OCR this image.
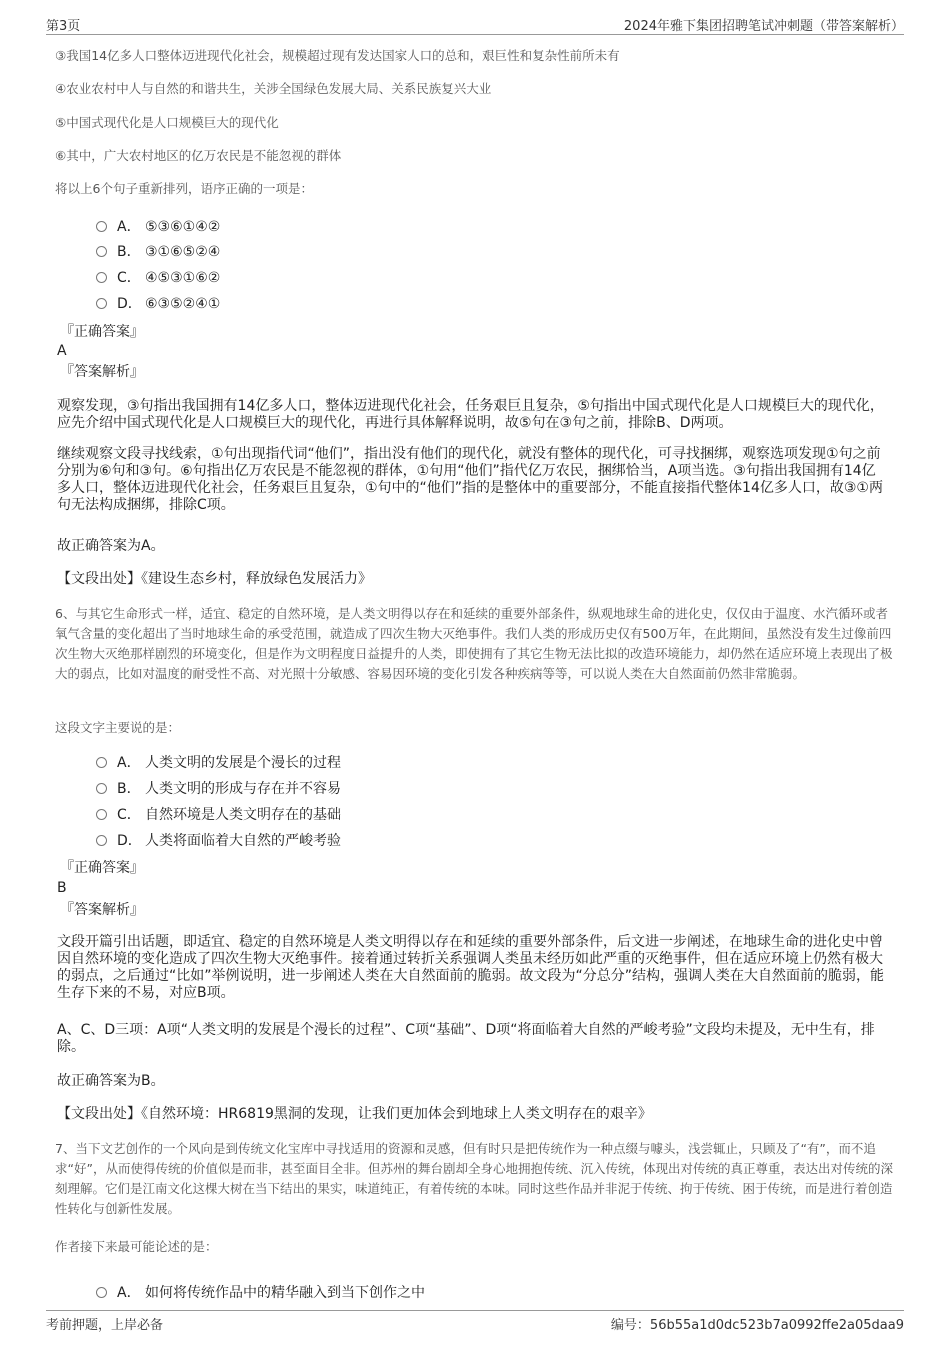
第3页	2024年雅下集团招聘笔试冲刺题（带答案解析）
③我国14亿多人口整体迈进现代化社会，规模超过现有发达国家人口的总和，艰巨性和复杂性前所未有
④农业农村中人与自然的和谐共生，关涉全国绿色发展大局、关系民族复兴大业
⑤中国式现代化是人口规模巨大的现代化
⑥其中，广大农村地区的亿万农民是不能忽视的群体
将以上6个句子重新排列，语序正确的一项是：
A． ⑤③⑥①④②
B． ③①⑥⑤②④
C． ④⑤③①⑥②
D． ⑥③⑤②④①
『正确答案』
A
『答案解析』
观察发现，③句指出我国拥有14亿多人口，整体迈进现代化社会，任务艰巨且复杂，⑤句指出中国式现代化是人口规模巨大的现代化，应先介绍中国式现代化是人口规模巨大的现代化，再进行具体解释说明，故⑤句在③句之前，排除B、D两项。
继续观察文段寻找线索，①句出现指代词“他们”，指出没有他们的现代化，就没有整体的现代化，可寻找捆绑，观察选项发现①句之前分别为⑥句和③句。⑥句指出亿万农民是不能忽视的群体，①句用“他们”指代亿万农民，捆绑恰当，A项当选。③句指出我国拥有14亿多人口，整体迈进现代化社会，任务艰巨且复杂，①句中的“他们”指的是整体中的重要部分，不能直接指代整体14亿多人口，故③①两句无法构成捆绑，排除C项。
故正确答案为A。
【文段出处】《建设生态乡村，释放绿色发展活力》
6、与其它生命形式一样，适宜、稳定的自然环境，是人类文明得以存在和延续的重要外部条件，纵观地球生命的进化史，仅仅由于温度、水汽循环或者氧气含量的变化超出了当时地球生命的承受范围，就造成了四次生物大灭绝事件。我们人类的形成历史仅有500万年，在此期间，虽然没有发生过像前四次生物大灭绝那样剧烈的环境变化，但是作为文明程度日益提升的人类，即使拥有了其它生物无法比拟的改造环境能力，却仍然在适应环境上表现出了极大的弱点，比如对温度的耐受性不高、对光照十分敏感、容易因环境的变化引发各种疾病等等，可以说人类在大自然面前仍然非常脆弱。
这段文字主要说的是：
A． 人类文明的发展是个漫长的过程
B． 人类文明的形成与存在并不容易
C． 自然环境是人类文明存在的基础
D． 人类将面临着大自然的严峻考验
『正确答案』
B
『答案解析』
文段开篇引出话题，即适宜、稳定的自然环境是人类文明得以存在和延续的重要外部条件，后文进一步阐述，在地球生命的进化史中曾因自然环境的变化造成了四次生物大灭绝事件。接着通过转折关系强调人类虽未经历如此严重的灭绝事件，但在适应环境上仍然有极大的弱点，之后通过“比如”举例说明，进一步阐述人类在大自然面前的脆弱。故文段为“分总分”结构，强调人类在大自然面前的脆弱，能生存下来的不易，对应B项。
A、C、D三项：A项“人类文明的发展是个漫长的过程”、C项“基础”、D项“将面临着大自然的严峻考验”文段均未提及，无中生有，排除。
故正确答案为B。
【文段出处】《自然环境：HR6819黑洞的发现，让我们更加体会到地球上人类文明存在的艰辛》
7、当下文艺创作的一个风向是到传统文化宝库中寻找适用的资源和灵感，但有时只是把传统作为一种点缀与噱头，浅尝辄止，只顾及了“有”，而不追求“好”，从而使得传统的价值似是而非，甚至面目全非。但苏州的舞台剧却全身心地拥抱传统、沉入传统，体现出对传统的真正尊重，表达出对传统的深刻理解。它们是江南文化这棵大树在当下结出的果实，味道纯正，有着传统的本味。同时这些作品并非泥于传统、拘于传统、困于传统，而是进行着创造性转化与创新性发展。
作者接下来最可能论述的是：
A． 如何将传统作品中的精华融入到当下创作之中
考前押题，上岸必备	编号：56b55a1d0dc523b7a0992ffe2a05daa9
